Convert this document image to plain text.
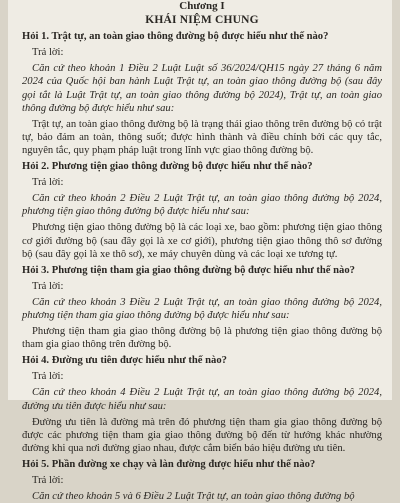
Chương I
KHÁI NIỆM CHUNG
Hỏi 1. Trật tự, an toàn giao thông đường bộ được hiểu như thế nào?
Trả lời:
Căn cứ theo khoản 1 Điều 2 Luật Luật số 36/2024/QH15 ngày 27 tháng 6 năm 2024 của Quốc hội ban hành Luật Trật tự, an toàn giao thông đường bộ (sau đây gọi tắt là Luật Trật tự, an toàn giao thông đường bộ 2024), Trật tự, an toàn giao thông đường bộ được hiểu như sau:
Trật tự, an toàn giao thông đường bộ là trạng thái giao thông trên đường bộ có trật tự, bảo đảm an toàn, thông suốt; được hình thành và điều chỉnh bởi các quy tắc, nguyên tắc, quy phạm pháp luật trong lĩnh vực giao thông đường bộ.
Hỏi 2. Phương tiện giao thông đường bộ được hiểu như thế nào?
Trả lời:
Căn cứ theo khoản 2 Điều 2 Luật Trật tự, an toàn giao thông đường bộ 2024, phương tiện giao thông đường bộ được hiểu như sau:
Phương tiện giao thông đường bộ là các loại xe, bao gồm: phương tiện giao thông cơ giới đường bộ (sau đây gọi là xe cơ giới), phương tiện giao thông thô sơ đường bộ (sau đây gọi là xe thô sơ), xe máy chuyên dùng và các loại xe tương tự.
Hỏi 3. Phương tiện tham gia giao thông đường bộ được hiểu như thế nào?
Trả lời:
Căn cứ theo khoản 3 Điều 2 Luật Trật tự, an toàn giao thông đường bộ 2024, phương tiện tham gia giao thông đường bộ được hiểu như sau:
Phương tiện tham gia giao thông đường bộ là phương tiện giao thông đường bộ tham gia giao thông trên đường bộ.
Hỏi 4. Đường ưu tiên được hiểu như thế nào?
Trả lời:
Căn cứ theo khoản 4 Điều 2 Luật Trật tự, an toàn giao thông đường bộ 2024, đường ưu tiên được hiểu như sau:
Đường ưu tiên là đường mà trên đó phương tiện tham gia giao thông đường bộ được các phương tiện tham gia giao thông đường bộ đến từ hướng khác nhường đường khi qua nơi đường giao nhau, được cắm biển báo hiệu đường ưu tiên.
Hỏi 5. Phần đường xe chạy và làn đường được hiểu như thế nào?
Trả lời:
Căn cứ theo khoản 5 và 6 Điều 2 Luật Trật tự, an toàn giao thông đường bộ
